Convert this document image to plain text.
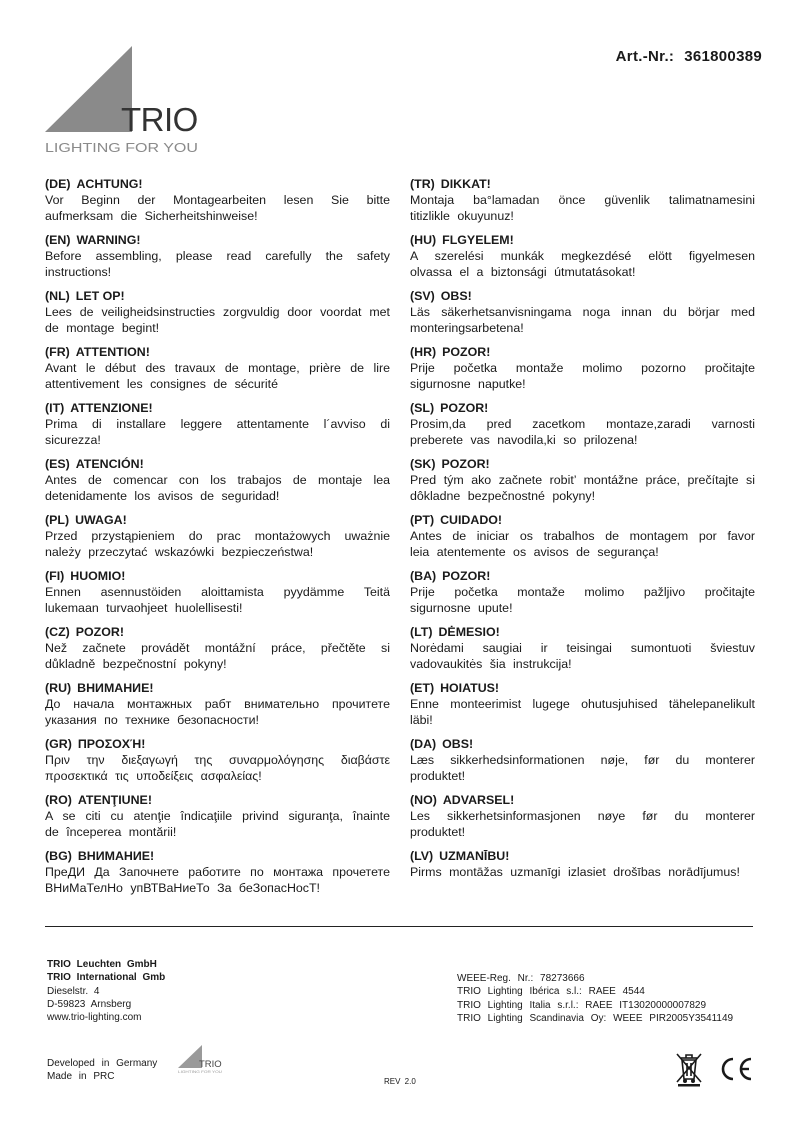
Art.-Nr.: 361800389
TRIO
LIGHTING FOR YOU
(DE) ACHTUNG!
Vor Beginn der Montagearbeiten lesen Sie bitte aufmerksam die Sicherheitshinweise!
(EN) WARNING!
Before assembling, please read carefully the safety instructions!
(NL) LET OP!
Lees de veiligheidsinstructies zorgvuldig door voordat met de montage begint!
(FR) ATTENTION!
Avant le début des travaux de montage, prière de lire attentivement les consignes de sécurité
(IT) ATTENZIONE!
Prima di installare leggere attentamente l´avviso di sicurezza!
(ES) ATENCIÓN!
Antes de comencar con los trabajos de montaje lea detenidamente los avisos de seguridad!
(PL) UWAGA!
Przed przystąpieniem do prac montażowych uważnie należy przeczytać wskazówki bezpieczeństwa!
(FI) HUOMIO!
Ennen asennustöiden aloittamista pyydämme Teitä lukemaan turvaohjeet huolellisesti!
(CZ) POZOR!
Než začnete provádět montážní práce, přečtěte si důkladně bezpečnostní pokyny!
(RU) ВНИМАНИЕ!
До начала монтажных рабт внимательно прочитете указания по технике безопасности!
(GR) ΠΡΟΣΟΧΉ!
Πριν την διεξαγωγή της συναρμολόγησης διαβάστε προσεκτικά τις υποδείξεις ασφαλείας!
(RO) ATENŢIUNE!
A se citi cu atenţie îndicaţiile privind siguranţa, înainte de începerea montării!
(BG) ВНИМАНИЕ!
ПреДИ Да Започнете работите по монтажа прочетете ВНиМаТелНо упВТВаНиеТо За беЗопасНосТ!
(TR) DIKKAT!
Montaja ba°lamadan önce güvenlik talimatnamesini titizlikle okuyunuz!
(HU) FLGYELEM!
A szerelési munkák megkezdésé elött figyelmesen olvassa el a biztonsági útmutatásokat!
(SV) OBS!
Läs säkerhetsanvisningama noga innan du börjar med monteringsarbetena!
(HR) POZOR!
Prije početka montaže molimo pozorno pročitajte sigurnosne naputke!
(SL) POZOR!
Prosim,da pred zacetkom montaze,zaradi varnosti preberete vas navodila,ki so prilozena!
(SK) POZOR!
Pred tým ako začnete robit’ montážne práce, prečítajte si dôkladne bezpečnostné pokyny!
(PT) CUIDADO!
Antes de iniciar os trabalhos de montagem por favor leia atentemente os avisos de segurança!
(BA) POZOR!
Prije početka montaže molimo pažljivo pročitajte sigurnosne upute!
(LT) DĖMESIO!
Norėdami saugiai ir teisingai sumontuoti šviestuv vadovaukitės šia instrukcija!
(ET) HOIATUS!
Enne monteerimist lugege ohutusjuhised tähelepanelikult läbi!
(DA) OBS!
Læs sikkerhedsinformationen nøje, før du monterer produktet!
(NO) ADVARSEL!
Les sikkerhetsinformasjonen nøye før du monterer produktet!
(LV) UZMANĪBU!
Pirms montāžas uzmanīgi izlasiet drošības norādījumus!
TRIO Leuchten GmbH
TRIO International Gmb
Dieselstr. 4
D-59823 Arnsberg
www.trio-lighting.com
WEEE-Reg. Nr.: 78273666
TRIO Lighting Ibérica s.l.: RAEE 4544
TRIO Lighting Italia s.r.l.: RAEE IT13020000007829
TRIO Lighting Scandinavia Oy: WEEE PIR2005Y3541149
Developed in Germany
Made in PRC
TRIO
LIGHTING FOR YOU
REV 2.0
